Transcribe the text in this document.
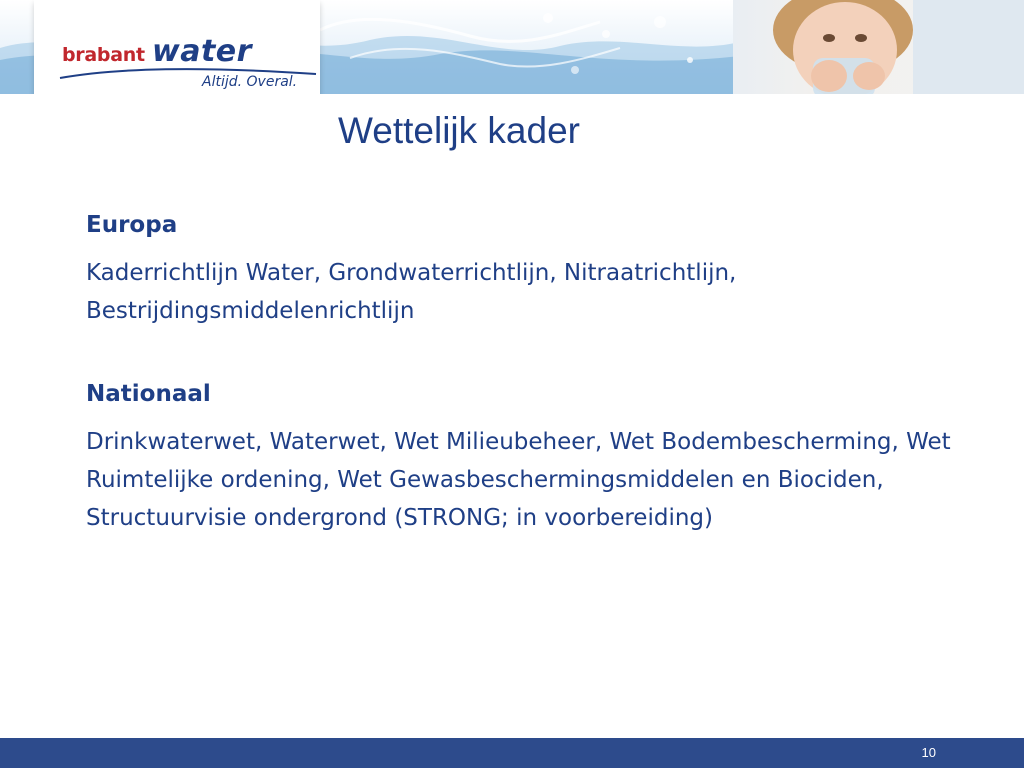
brabant water
Altijd. Overal.
Wettelijk kader

Europa

Kaderrichtlijn Water, Grondwaterrichtlijn, Nitraatrichtlijn, Bestrijdingsmiddelenrichtlijn

Nationaal

Drinkwaterwet, Waterwet, Wet Milieubeheer, Wet Bodembescherming, Wet Ruimtelijke ordening, Wet Gewasbeschermingsmiddelen en Biociden, Structuurvisie ondergrond (STRONG; in voorbereiding)

10
